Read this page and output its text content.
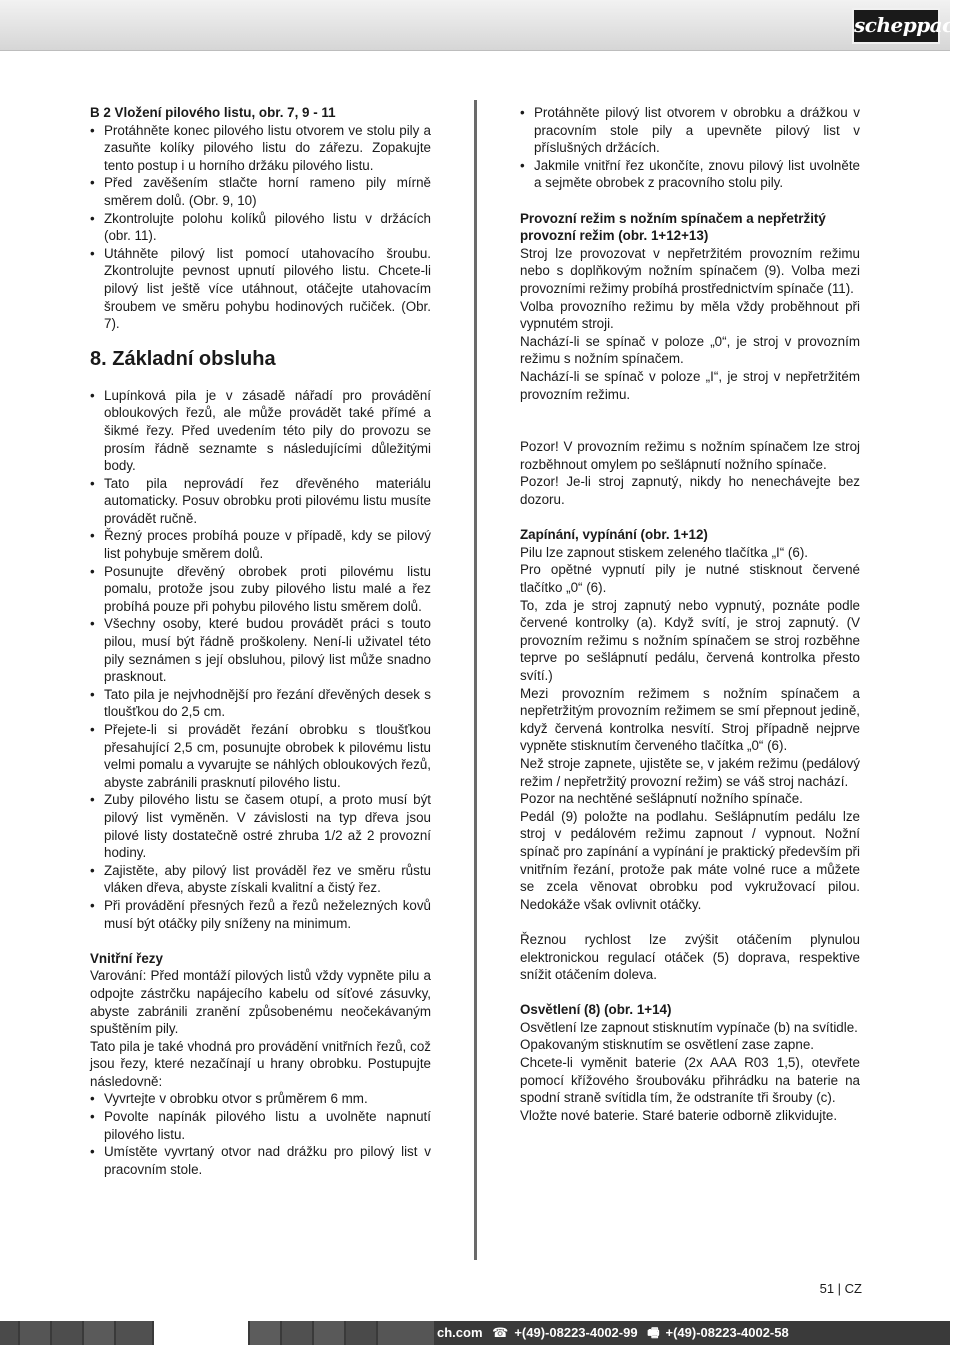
scheppach

B 2 Vložení pilového listu, obr. 7, 9 - 11

• Protáhněte konec pilového listu otvorem ve stolu pily a zasuňte kolíky pilového listu do zářezu. Zopakujte tento postup i u horního držáku pilového listu.
• Před zavěšením stlačte horní rameno pily mírně směrem dolů. (Obr. 9, 10)
• Zkontrolujte polohu kolíků pilového listu v držácích (obr. 11).
• Utáhněte pilový list pomocí utahovacího šroubu. Zkontrolujte pevnost upnutí pilového listu. Chcete-li pilový list ještě více utáhnout, otáčejte utahovacím šroubem ve směru pohybu hodinových ručiček. (Obr. 7).
8. Základní obsluha
• Lupínková pila je v zásadě nářadí pro provádění obloukových řezů, ale může provádět také přímé a šikmé řezy. Před uvedením této pily do provozu se prosím řádně seznamte s následujícími důležitými body.
• Tato pila neprovádí řez dřevěného materiálu automaticky. Posuv obrobku proti pilovému listu musíte provádět ručně.
• Řezný proces probíhá pouze v případě, kdy se pilový list pohybuje směrem dolů.
• Posunujte dřevěný obrobek proti pilovému listu pomalu, protože jsou zuby pilového listu malé a řez probíhá pouze při pohybu pilového listu směrem dolů.
• Všechny osoby, které budou provádět práci s touto pilou, musí být řádně proškoleny. Není-li uživatel této pily seznámen s její obsluhou, pilový list může snadno prasknout.
• Tato pila je nejvhodnější pro řezání dřevěných desek s tloušťkou do 2,5 cm.
• Přejete-li si provádět řezání obrobku s tloušťkou přesahující 2,5 cm, posunujte obrobek k pilovému listu velmi pomalu a vyvarujte se náhlých obloukových řezů, abyste zabránili prasknutí pilového listu.
• Zuby pilového listu se časem otupí, a proto musí být pilový list vyměněn. V závislosti na typ dřeva jsou pilové listy dostatečně ostré zhruba 1/2 až 2 provozní hodiny.
• Zajistěte, aby pilový list prováděl řez ve směru růstu vláken dřeva, abyste získali kvalitní a čistý řez.
• Při provádění přesných řezů a řezů neželezných kovů musí být otáčky pily sníženy na minimum.

Vnitřní řezy

Varování: Před montáží pilových listů vždy vypněte pilu a odpojte zástrčku napájecího kabelu od síťové zásuvky, abyste zabránili zranění způsobenému neočekávaným spuštěním pily.

Tato pila je také vhodná pro provádění vnitřních řezů, což jsou řezy, které nezačínají u hrany obrobku. Postupujte následovně:

• Vyvrtejte v obrobku otvor s průměrem 6 mm.
• Povolte napínák pilového listu a uvolněte napnutí pilového listu.
• Umístěte vyvrtaný otvor nad drážku pro pilový list v pracovním stole.
• Protáhněte pilový list otvorem v obrobku a drážkou v pracovním stole pily a upevněte pilový list v příslušných držácích.
• Jakmile vnitřní řez ukončíte, znovu pilový list uvolněte a sejměte obrobek z pracovního stolu pily.

Provozní režim s nožním spínačem a nepřetržitý provozní režim (obr. 1+12+13)

Stroj lze provozovat v nepřetržitém provozním režimu nebo s doplňkovým nožním spínačem (9). Volba mezi provozními režimy probíhá prostřednictvím spínače (11).

Volba provozního režimu by měla vždy proběhnout při vypnutém stroji.

Nachází-li se spínač v poloze „0“, je stroj v provozním režimu s nožním spínačem.

Nachází-li se spínač v poloze „I“, je stroj v nepřetržitém provozním režimu.

Pozor! V provozním režimu s nožním spínačem lze stroj rozběhnout omylem po sešlápnutí nožního spínače.

Pozor! Je-li stroj zapnutý, nikdy ho nenechávejte bez dozoru.

Zapínání, vypínání (obr. 1+12)

Pilu lze zapnout stiskem zeleného tlačítka „I“ (6).

Pro opětné vypnutí pily je nutné stisknout červené tlačítko „0“ (6).

To, zda je stroj zapnutý nebo vypnutý, poznáte podle červené kontrolky (a). Když svítí, je stroj zapnutý. (V provozním režimu s nožním spínačem se stroj rozběhne teprve po sešlápnutí pedálu, červená kontrolka přesto svítí.)

Mezi provozním režimem s nožním spínačem a nepřetržitým provozním režimem se smí přepnout jedině, když červená kontrolka nesvítí. Stroj případně nejprve vypněte stisknutím červeného tlačítka „0“ (6).

Než stroje zapnete, ujistěte se, v jakém režimu (pedálový režim / nepřetržitý provozní režim) se váš stroj nachází.

Pozor na nechtěné sešlápnutí nožního spínače.

Pedál (9) položte na podlahu. Sešlápnutím pedálu lze stroj v pedálovém režimu zapnout / vypnout. Nožní spínač pro zapínání a vypínání je praktický především při vnitřním řezání, protože pak máte volné ruce a můžete se zcela věnovat obrobku pod vykružovací pilou. Nedokáže však ovlivnit otáčky.

Řeznou rychlost lze zvýšit otáčením plynulou elektronickou regulací otáček (5) doprava, respektive snížit otáčením doleva.

Osvětlení (8) (obr. 1+14)

Osvětlení lze zapnout stisknutím vypínače (b) na svítidle.

Opakovaným stisknutím se osvětlení zase zapne.

Chcete-li vyměnit baterie (2x AAA R03 1,5), otevřete pomocí křížového šroubováku přihrádku na baterie na spodní straně svítidla tím, že odstraníte tři šrouby (c).

Vložte nové baterie. Staré baterie odborně zlikvidujte.

51 | CZ
ch.com ☎ +(49)-08223-4002-99 🖷 +(49)-08223-4002-58
